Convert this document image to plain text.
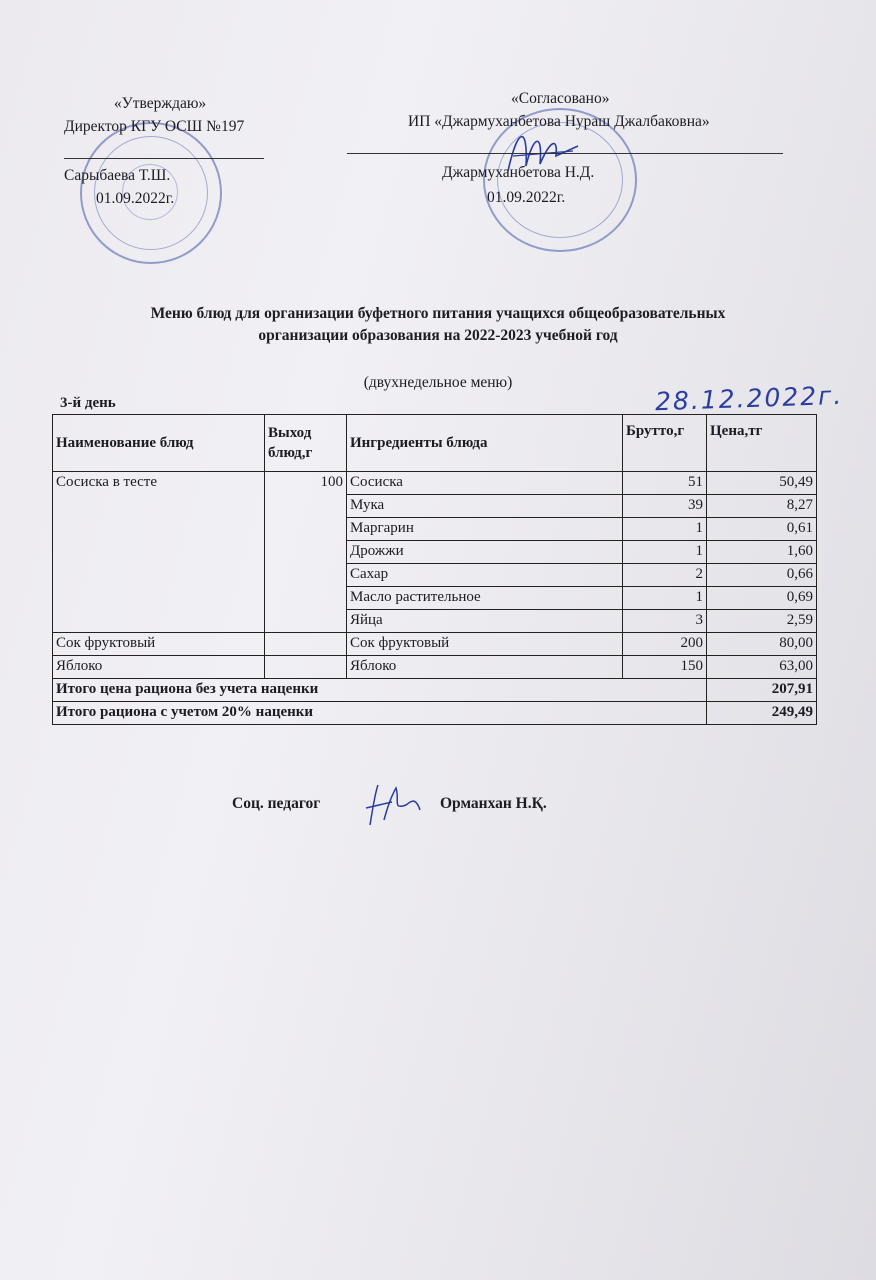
«Утверждаю»
Директор КГУ ОСШ №197
Сарыбаева Т.Ш.
01.09.2022г.
«Согласовано»
ИП «Джармуханбетова Нураш Джалбаковна»
Джармуханбетова Н.Д.
01.09.2022г.
Меню блюд для организации буфетного питания учащихся общеобразовательных
организации образования на 2022-2023 учебной год
(двухнедельное меню)
3-й день	28.12.2022г.
Наименование блюд	Выход блюд,г	Ингредиенты блюда	Брутто,г	Цена,тг
Сосиска в тесте	100	Сосиска	51	50,49
		Мука	39	8,27
		Маргарин	1	0,61
		Дрожжи	1	1,60
		Сахар	2	0,66
		Масло растительное	1	0,69
		Яйца	3	2,59
Сок фруктовый		Сок фруктовый	200	80,00
Яблоко		Яблоко	150	63,00
Итого цена рациона без учета наценки				207,91
Итого рациона с учетом 20% наценки				249,49
Соц. педагог	Орманхан Н.Қ.
